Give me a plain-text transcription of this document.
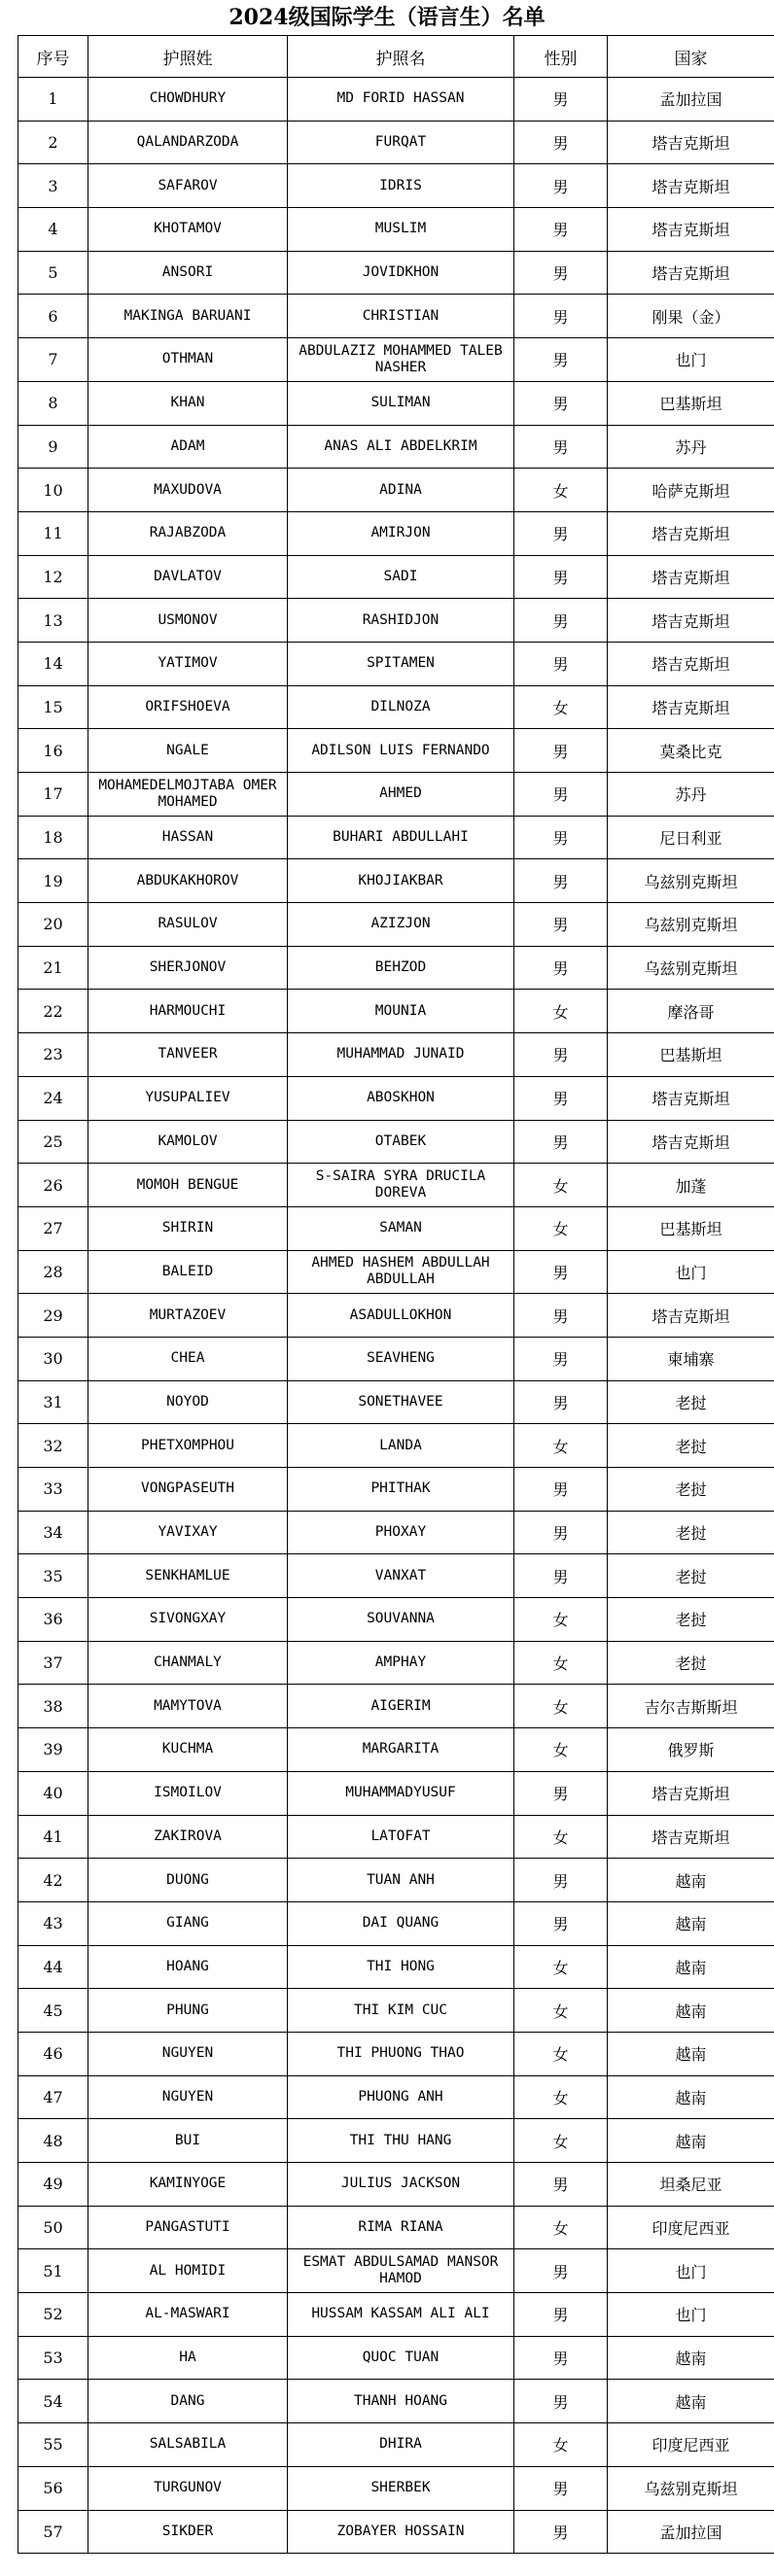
2024级国际学生（语言生）名单
序号	护照姓	护照名	性别	国家
1	CHOWDHURY	MD FORID HASSAN	男	孟加拉国
2	QALANDARZODA	FURQAT	男	塔吉克斯坦
3	SAFAROV	IDRIS	男	塔吉克斯坦
4	KHOTAMOV	MUSLIM	男	塔吉克斯坦
5	ANSORI	JOVIDKHON	男	塔吉克斯坦
6	MAKINGA BARUANI	CHRISTIAN	男	刚果（金）
7	OTHMAN	ABDULAZIZ MOHAMMED TALEB NASHER	男	也门
8	KHAN	SULIMAN	男	巴基斯坦
9	ADAM	ANAS ALI ABDELKRIM	男	苏丹
10	MAXUDOVA	ADINA	女	哈萨克斯坦
11	RAJABZODA	AMIRJON	男	塔吉克斯坦
12	DAVLATOV	SADI	男	塔吉克斯坦
13	USMONOV	RASHIDJON	男	塔吉克斯坦
14	YATIMOV	SPITAMEN	男	塔吉克斯坦
15	ORIFSHOEVA	DILNOZA	女	塔吉克斯坦
16	NGALE	ADILSON LUIS FERNANDO	男	莫桑比克
17	MOHAMEDELMOJTABA OMER MOHAMED	AHMED	男	苏丹
18	HASSAN	BUHARI ABDULLAHI	男	尼日利亚
19	ABDUKAKHOROV	KHOJIAKBAR	男	乌兹别克斯坦
20	RASULOV	AZIZJON	男	乌兹别克斯坦
21	SHERJONOV	BEHZOD	男	乌兹别克斯坦
22	HARMOUCHI	MOUNIA	女	摩洛哥
23	TANVEER	MUHAMMAD JUNAID	男	巴基斯坦
24	YUSUPALIEV	ABOSKHON	男	塔吉克斯坦
25	KAMOLOV	OTABEK	男	塔吉克斯坦
26	MOMOH BENGUE	S-SAIRA SYRA DRUCILA DOREVA	女	加蓬
27	SHIRIN	SAMAN	女	巴基斯坦
28	BALEID	AHMED HASHEM ABDULLAH ABDULLAH	男	也门
29	MURTAZOEV	ASADULLOKHON	男	塔吉克斯坦
30	CHEA	SEAVHENG	男	柬埔寨
31	NOYOD	SONETHAVEE	男	老挝
32	PHETXOMPHOU	LANDA	女	老挝
33	VONGPASEUTH	PHITHAK	男	老挝
34	YAVIXAY	PHOXAY	男	老挝
35	SENKHAMLUE	VANXAT	男	老挝
36	SIVONGXAY	SOUVANNA	女	老挝
37	CHANMALY	AMPHAY	女	老挝
38	MAMYTOVA	AIGERIM	女	吉尔吉斯斯坦
39	KUCHMA	MARGARITA	女	俄罗斯
40	ISMOILOV	MUHAMMADYUSUF	男	塔吉克斯坦
41	ZAKIROVA	LATOFAT	女	塔吉克斯坦
42	DUONG	TUAN ANH	男	越南
43	GIANG	DAI QUANG	男	越南
44	HOANG	THI HONG	女	越南
45	PHUNG	THI KIM CUC	女	越南
46	NGUYEN	THI PHUONG THAO	女	越南
47	NGUYEN	PHUONG ANH	女	越南
48	BUI	THI THU HANG	女	越南
49	KAMINYOGE	JULIUS JACKSON	男	坦桑尼亚
50	PANGASTUTI	RIMA RIANA	女	印度尼西亚
51	AL HOMIDI	ESMAT ABDULSAMAD MANSOR HAMOD	男	也门
52	AL-MASWARI	HUSSAM KASSAM ALI ALI	男	也门
53	HA	QUOC TUAN	男	越南
54	DANG	THANH HOANG	男	越南
55	SALSABILA	DHIRA	女	印度尼西亚
56	TURGUNOV	SHERBEK	男	乌兹别克斯坦
57	SIKDER	ZOBAYER HOSSAIN	男	孟加拉国
